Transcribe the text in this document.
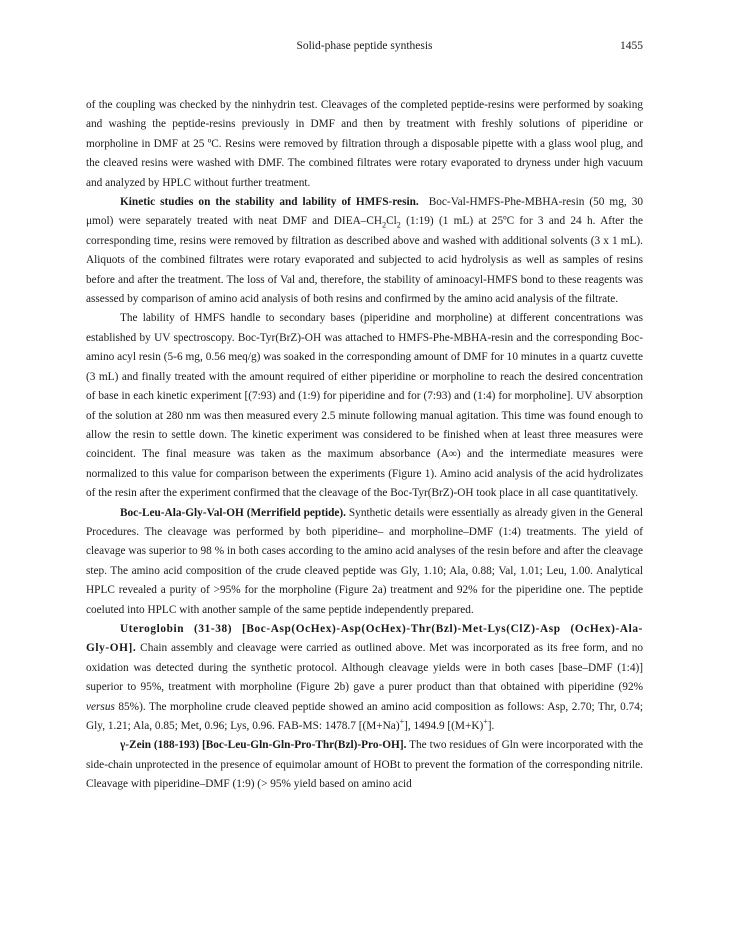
Solid-phase peptide synthesis	1455

of the coupling was checked by the ninhydrin test. Cleavages of the completed peptide-resins were performed by soaking and washing the peptide-resins previously in DMF and then by treatment with freshly solutions of piperidine or morpholine in DMF at 25 ºC. Resins were removed by filtration through a disposable pipette with a glass wool plug, and the cleaved resins were washed with DMF. The combined filtrates were rotary evaporated to dryness under high vacuum and analyzed by HPLC without further treatment.

Kinetic studies on the stability and lability of HMFS-resin. Boc-Val-HMFS-Phe-MBHA-resin (50 mg, 30 μmol) were separately treated with neat DMF and DIEA–$CH_2Cl_2$ (1:19) (1 mL) at 25ºC for 3 and 24 h. After the corresponding time, resins were removed by filtration as described above and washed with additional solvents (3 x 1 mL). Aliquots of the combined filtrates were rotary evaporated and subjected to acid hydrolysis as well as samples of resins before and after the treatment. The loss of Val and, therefore, the stability of aminoacyl-HMFS bond to these reagents was assessed by comparison of amino acid analysis of both resins and confirmed by the amino acid analysis of the filtrate.

The lability of HMFS handle to secondary bases (piperidine and morpholine) at different concentrations was established by UV spectroscopy. Boc-Tyr(BrZ)-OH was attached to HMFS-Phe-MBHA-resin and the corresponding Boc-amino acyl resin (5-6 mg, 0.56 meq/g) was soaked in the corresponding amount of DMF for 10 minutes in a quartz cuvette (3 mL) and finally treated with the amount required of either piperidine or morpholine to reach the desired concentration of base in each kinetic experiment [(7:93) and (1:9) for piperidine and for (7:93) and (1:4) for morpholine]. UV absorption of the solution at 280 nm was then measured every 2.5 minute following manual agitation. This time was found enough to allow the resin to settle down. The kinetic experiment was considered to be finished when at least three measures were coincident. The final measure was taken as the maximum absorbance (A∞) and the intermediate measures were normalized to this value for comparison between the experiments (Figure 1). Amino acid analysis of the acid hydrolizates of the resin after the experiment confirmed that the cleavage of the Boc-Tyr(BrZ)-OH took place in all case quantitatively.

Boc-Leu-Ala-Gly-Val-OH (Merrifield peptide). Synthetic details were essentially as already given in the General Procedures. The cleavage was performed by both piperidine– and morpholine–DMF (1:4) treatments. The yield of cleavage was superior to 98 % in both cases according to the amino acid analyses of the resin before and after the cleavage step. The amino acid composition of the crude cleaved peptide was Gly, 1.10; Ala, 0.88; Val, 1.01; Leu, 1.00. Analytical HPLC revealed a purity of >95% for the morpholine (Figure 2a) treatment and 92% for the piperidine one. The peptide coeluted into HPLC with another sample of the same peptide independently prepared.

Uteroglobin (31-38) [Boc-Asp(OcHex)-Asp(OcHex)-Thr(Bzl)-Met-Lys(ClZ)-Asp (OcHex)-Ala-Gly-OH]. Chain assembly and cleavage were carried as outlined above. Met was incorporated as its free form, and no oxidation was detected during the synthetic protocol. Although cleavage yields were in both cases [base–DMF (1:4)] superior to 95%, treatment with morpholine (Figure 2b) gave a purer product than that obtained with piperidine (92% versus 85%). The morpholine crude cleaved peptide showed an amino acid composition as follows: Asp, 2.70; Thr, 0.74; Gly, 1.21; Ala, 0.85; Met, 0.96; Lys, 0.96. FAB-MS: 1478.7 [(M+Na)+], 1494.9 [(M+K)+].

γ-Zein (188-193) [Boc-Leu-Gln-Gln-Pro-Thr(Bzl)-Pro-OH]. The two residues of Gln were incorporated with the side-chain unprotected in the presence of equimolar amount of HOBt to prevent the formation of the corresponding nitrile. Cleavage with piperidine–DMF (1:9) (> 95% yield based on amino acid
